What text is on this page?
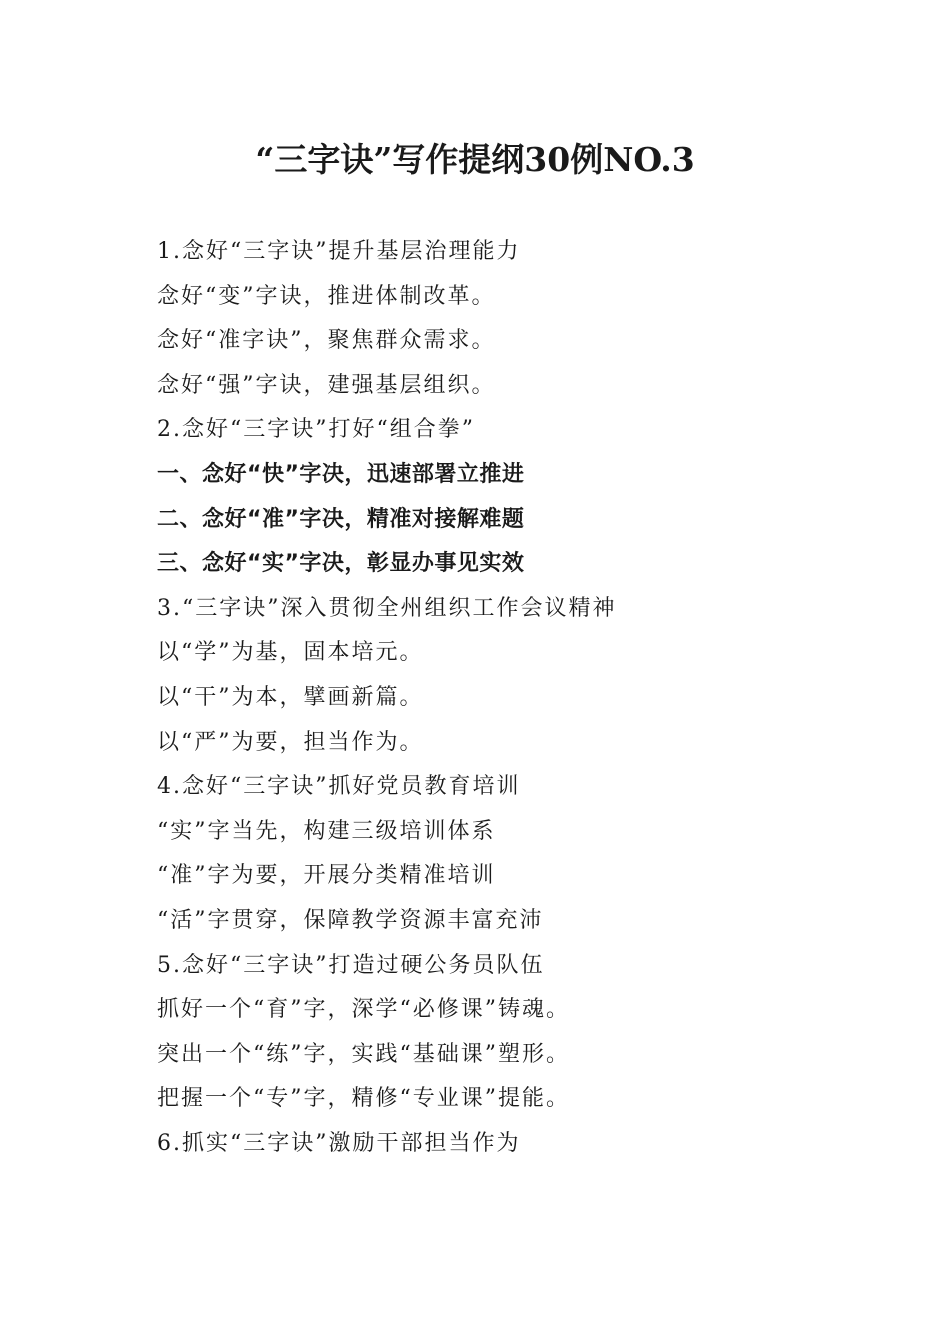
“三字诀”写作提纲30例NO.3
1.念好“三字诀”提升基层治理能力
念好“变”字诀，推进体制改革。
念好“准字诀”，聚焦群众需求。
念好“强”字诀，建强基层组织。
2.念好“三字诀”打好“组合拳”
一、念好“快”字决，迅速部署立推进
二、念好“准”字决，精准对接解难题
三、念好“实”字决，彰显办事见实效
3.“三字诀”深入贯彻全州组织工作会议精神
以“学”为基，固本培元。
以“干”为本，擘画新篇。
以“严”为要，担当作为。
4.念好“三字诀”抓好党员教育培训
“实”字当先，构建三级培训体系
“准”字为要，开展分类精准培训
“活”字贯穿，保障教学资源丰富充沛
5.念好“三字诀”打造过硬公务员队伍
抓好一个“育”字，深学“必修课”铸魂。
突出一个“练”字，实践“基础课”塑形。
把握一个“专”字，精修“专业课”提能。
6.抓实“三字诀”激励干部担当作为
